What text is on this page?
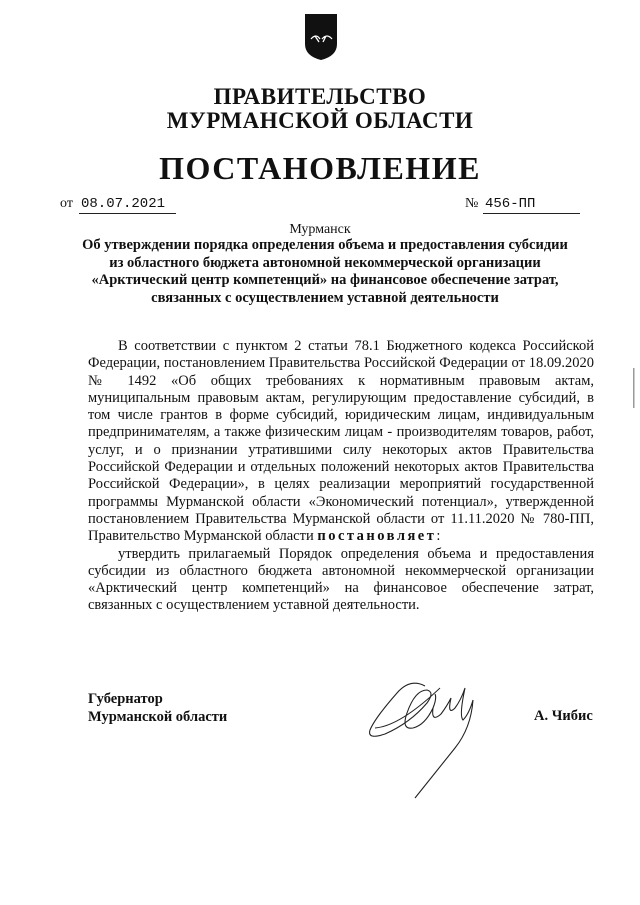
ПРАВИТЕЛЬСТВО
МУРМАНСКОЙ ОБЛАСТИ
ПОСТАНОВЛЕНИЕ
от 08.07.2021	№ 456-ПП
Мурманск
Об утверждении порядка определения объема и предоставления субсидии из областного бюджета автономной некоммерческой организации «Арктический центр компетенций» на финансовое обеспечение затрат, связанных с осуществлением уставной деятельности

В соответствии с пунктом 2 статьи 78.1 Бюджетного кодекса Российской Федерации, постановлением Правительства Российской Федерации от 18.09.2020 № 1492 «Об общих требованиях к нормативным правовым актам, муниципальным правовым актам, регулирующим предоставление субсидий, в том числе грантов в форме субсидий, юридическим лицам, индивидуальным предпринимателям, а также физическим лицам - производителям товаров, работ, услуг, и о признании утратившими силу некоторых актов Правительства Российской Федерации и отдельных положений некоторых актов Правительства Российской Федерации», в целях реализации мероприятий государственной программы Мурманской области «Экономический потенциал», утвержденной постановлением Правительства Мурманской области от 11.11.2020 № 780-ПП, Правительство Мурманской области постановляет:

утвердить прилагаемый Порядок определения объема и предоставления субсидии из областного бюджета автономной некоммерческой организации «Арктический центр компетенций» на финансовое обеспечение затрат, связанных с осуществлением уставной деятельности.

Губернатор
Мурманской области	А. Чибис
